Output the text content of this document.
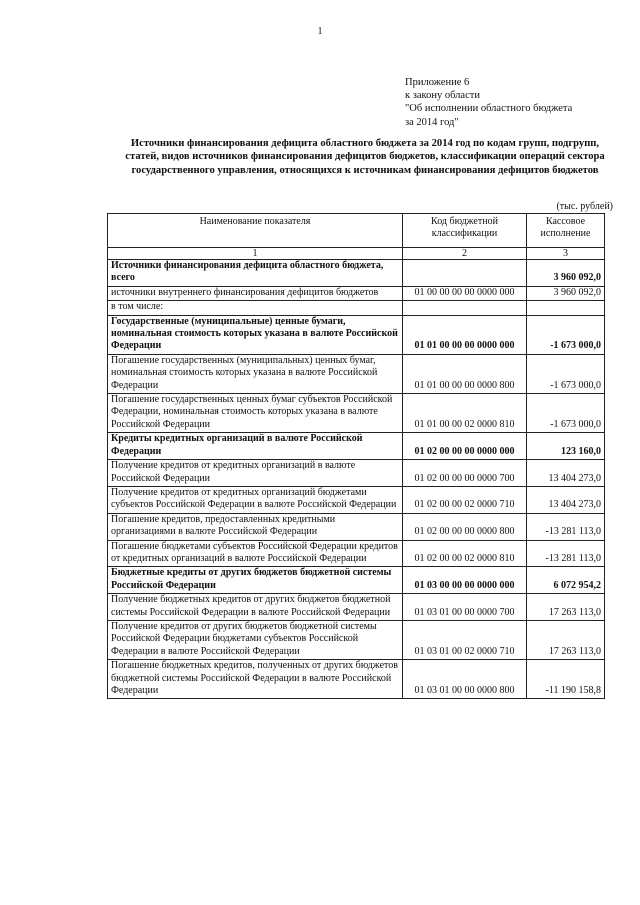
1
Приложение 6
к закону области
"Об исполнении областного бюджета
за 2014 год"
Источники финансирования дефицита областного бюджета за 2014 год по кодам групп, подгрупп, статей, видов источников финансирования дефицитов бюджетов, классификации операций сектора государственного управления, относящихся к источникам финансирования дефицитов бюджетов
(тыс. рублей)
Наименование показателя	Код бюджетной классификации	Кассовое исполнение
1	2	3
Источники финансирования дефицита областного бюджета, всего		3 960 092,0
источники внутреннего финансирования дефицитов бюджетов	01 00 00 00 00 0000 000	3 960 092,0
в том числе:		
Государственные (муниципальные) ценные бумаги, номинальная стоимость которых указана в валюте Российской Федерации	01 01 00 00 00 0000 000	-1 673 000,0
Погашение государственных (муниципальных) ценных бумаг, номинальная стоимость которых указана в валюте Российской Федерации	01 01 00 00 00 0000 800	-1 673 000,0
Погашение государственных ценных бумаг субъектов Российской Федерации, номинальная стоимость которых указана в валюте Российской Федерации	01 01 00 00 02 0000 810	-1 673 000,0
Кредиты кредитных организаций в валюте Российской Федерации	01 02 00 00 00 0000 000	123 160,0
Получение кредитов от кредитных организаций в валюте Российской Федерации	01 02 00 00 00 0000 700	13 404 273,0
Получение кредитов от кредитных организаций бюджетами субъектов Российской Федерации в валюте Российской Федерации	01 02 00 00 02 0000 710	13 404 273,0
Погашение кредитов, предоставленных кредитными организациями в валюте Российской Федерации	01 02 00 00 00 0000 800	-13 281 113,0
Погашение бюджетами субъектов Российской Федерации кредитов от кредитных организаций в валюте Российской Федерации	01 02 00 00 02 0000 810	-13 281 113,0
Бюджетные кредиты от других бюджетов бюджетной системы Российской Федерации	01 03 00 00 00 0000 000	6 072 954,2
Получение бюджетных кредитов от других бюджетов бюджетной системы Российской Федерации в валюте Российской Федерации	01 03 01 00 00 0000 700	17 263 113,0
Получение кредитов от других бюджетов бюджетной системы Российской Федерации бюджетами субъектов Российской Федерации в валюте Российской Федерации	01 03 01 00 02 0000 710	17 263 113,0
Погашение бюджетных кредитов, полученных от других бюджетов бюджетной системы Российской Федерации в валюте Российской Федерации	01 03 01 00 00 0000 800	-11 190 158,8
